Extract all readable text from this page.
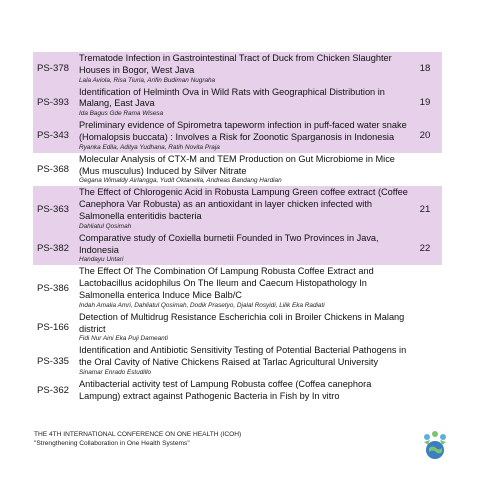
PS-378
Trematode Infection in Gastrointestinal Tract of Duck from Chicken Slaughter Houses in Bogor, West Java
Lala Aviola, Risa Tiuria, Arifin Budiman Nugraha
18
PS-393
Identification of Helminth Ova in Wild Rats with Geographical Distribution in Malang, East Java
Ida Bagus Gde Rama Wisesa
19
PS-343
Preliminary evidence of Spirometra tapeworm infection in puff-faced water snake (Homalopsis buccata) : Involves a Risk for Zoonotic Sparganosis in Indonesia
Ryanka Edila, Aditya Yudhana, Ratih Novita Praja
20
PS-368
Molecular Analysis of CTX-M and TEM Production on Gut Microbiome in Mice (Mus musculus) Induced by Silver Nitrate
Gegana Wimaldy Airlangga, Yudit Oktanella, Andreas Bandang Hardian
PS-363
The Effect of Chlorogenic Acid in Robusta Lampung Green coffee extract (Coffee Canephora Var Robusta) as an antioxidant in layer chicken infected with Salmonella enteritidis bacteria
Dahliatul Qosimah
21
PS-382
Comparative study of Coxiella burnetii Founded in Two Provinces in Java, Indonesia
Handayu Untari
22
PS-386
The Effect Of The Combination Of Lampung Robusta Coffee Extract and Lactobacillus acidophilus On The Ileum and Caecum Histopathology In Salmonella enterica Induce Mice Balb/C
Indah Amalia Amri, Dahliatul Qosimah, Dodik Prasetyo, Djalal Rosyidi, Lilik Eka Radiati
PS-166
Detection of Multidrug Resistance Escherichia coli in Broiler Chickens in Malang district
Fidi Nur Aini Eka Puji Dameanti
PS-335
Identification and Antibiotic Sensitivity Testing of Potential Bacterial Pathogens in the Oral Cavity of Native Chickens Raised at Tarlac Agricultural University
Sinamar Enrado Estudillo
PS-362
Antibacterial activity test of Lampung Robusta coffee (Coffea canephora Lampung) extract against Pathogenic Bacteria in Fish by In vitro
THE 4TH INTERNATIONAL CONFERENCE ON ONE HEALTH (ICOH)
"Strengthening Collaboration in One Health Systems"
